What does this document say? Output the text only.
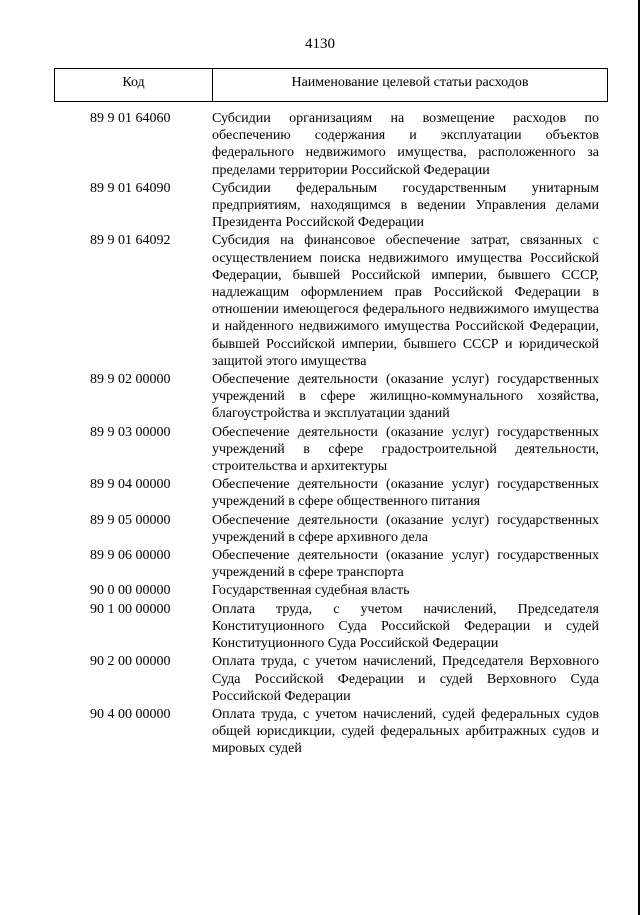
4130
Код	Наименование целевой статьи расходов
89 9 01 64060	Субсидии организациям на возмещение расходов по обеспечению содержания и эксплуатации объектов федерального недвижимого имущества, расположенного за пределами территории Российской Федерации
89 9 01 64090	Субсидии федеральным государственным унитарным предприятиям, находящимся в ведении Управления делами Президента Российской Федерации
89 9 01 64092	Субсидия на финансовое обеспечение затрат, связанных с осуществлением поиска недвижимого имущества Российской Федерации, бывшей Российской империи, бывшего СССР, надлежащим оформлением прав Российской Федерации в отношении имеющегося федерального недвижимого имущества и найденного недвижимого имущества Российской Федерации, бывшей Российской империи, бывшего СССР и юридической защитой этого имущества
89 9 02 00000	Обеспечение деятельности (оказание услуг) государственных учреждений в сфере жилищно-коммунального хозяйства, благоустройства и эксплуатации зданий
89 9 03 00000	Обеспечение деятельности (оказание услуг) государственных учреждений в сфере градостроительной деятельности, строительства и архитектуры
89 9 04 00000	Обеспечение деятельности (оказание услуг) государственных учреждений в сфере общественного питания
89 9 05 00000	Обеспечение деятельности (оказание услуг) государственных учреждений в сфере архивного дела
89 9 06 00000	Обеспечение деятельности (оказание услуг) государственных учреждений в сфере транспорта
90 0 00 00000	Государственная судебная власть
90 1 00 00000	Оплата труда, с учетом начислений, Председателя Конституционного Суда Российской Федерации и судей Конституционного Суда Российской Федерации
90 2 00 00000	Оплата труда, с учетом начислений, Председателя Верховного Суда Российской Федерации и судей Верховного Суда Российской Федерации
90 4 00 00000	Оплата труда, с учетом начислений, судей федеральных судов общей юрисдикции, судей федеральных арбитражных судов и мировых судей
